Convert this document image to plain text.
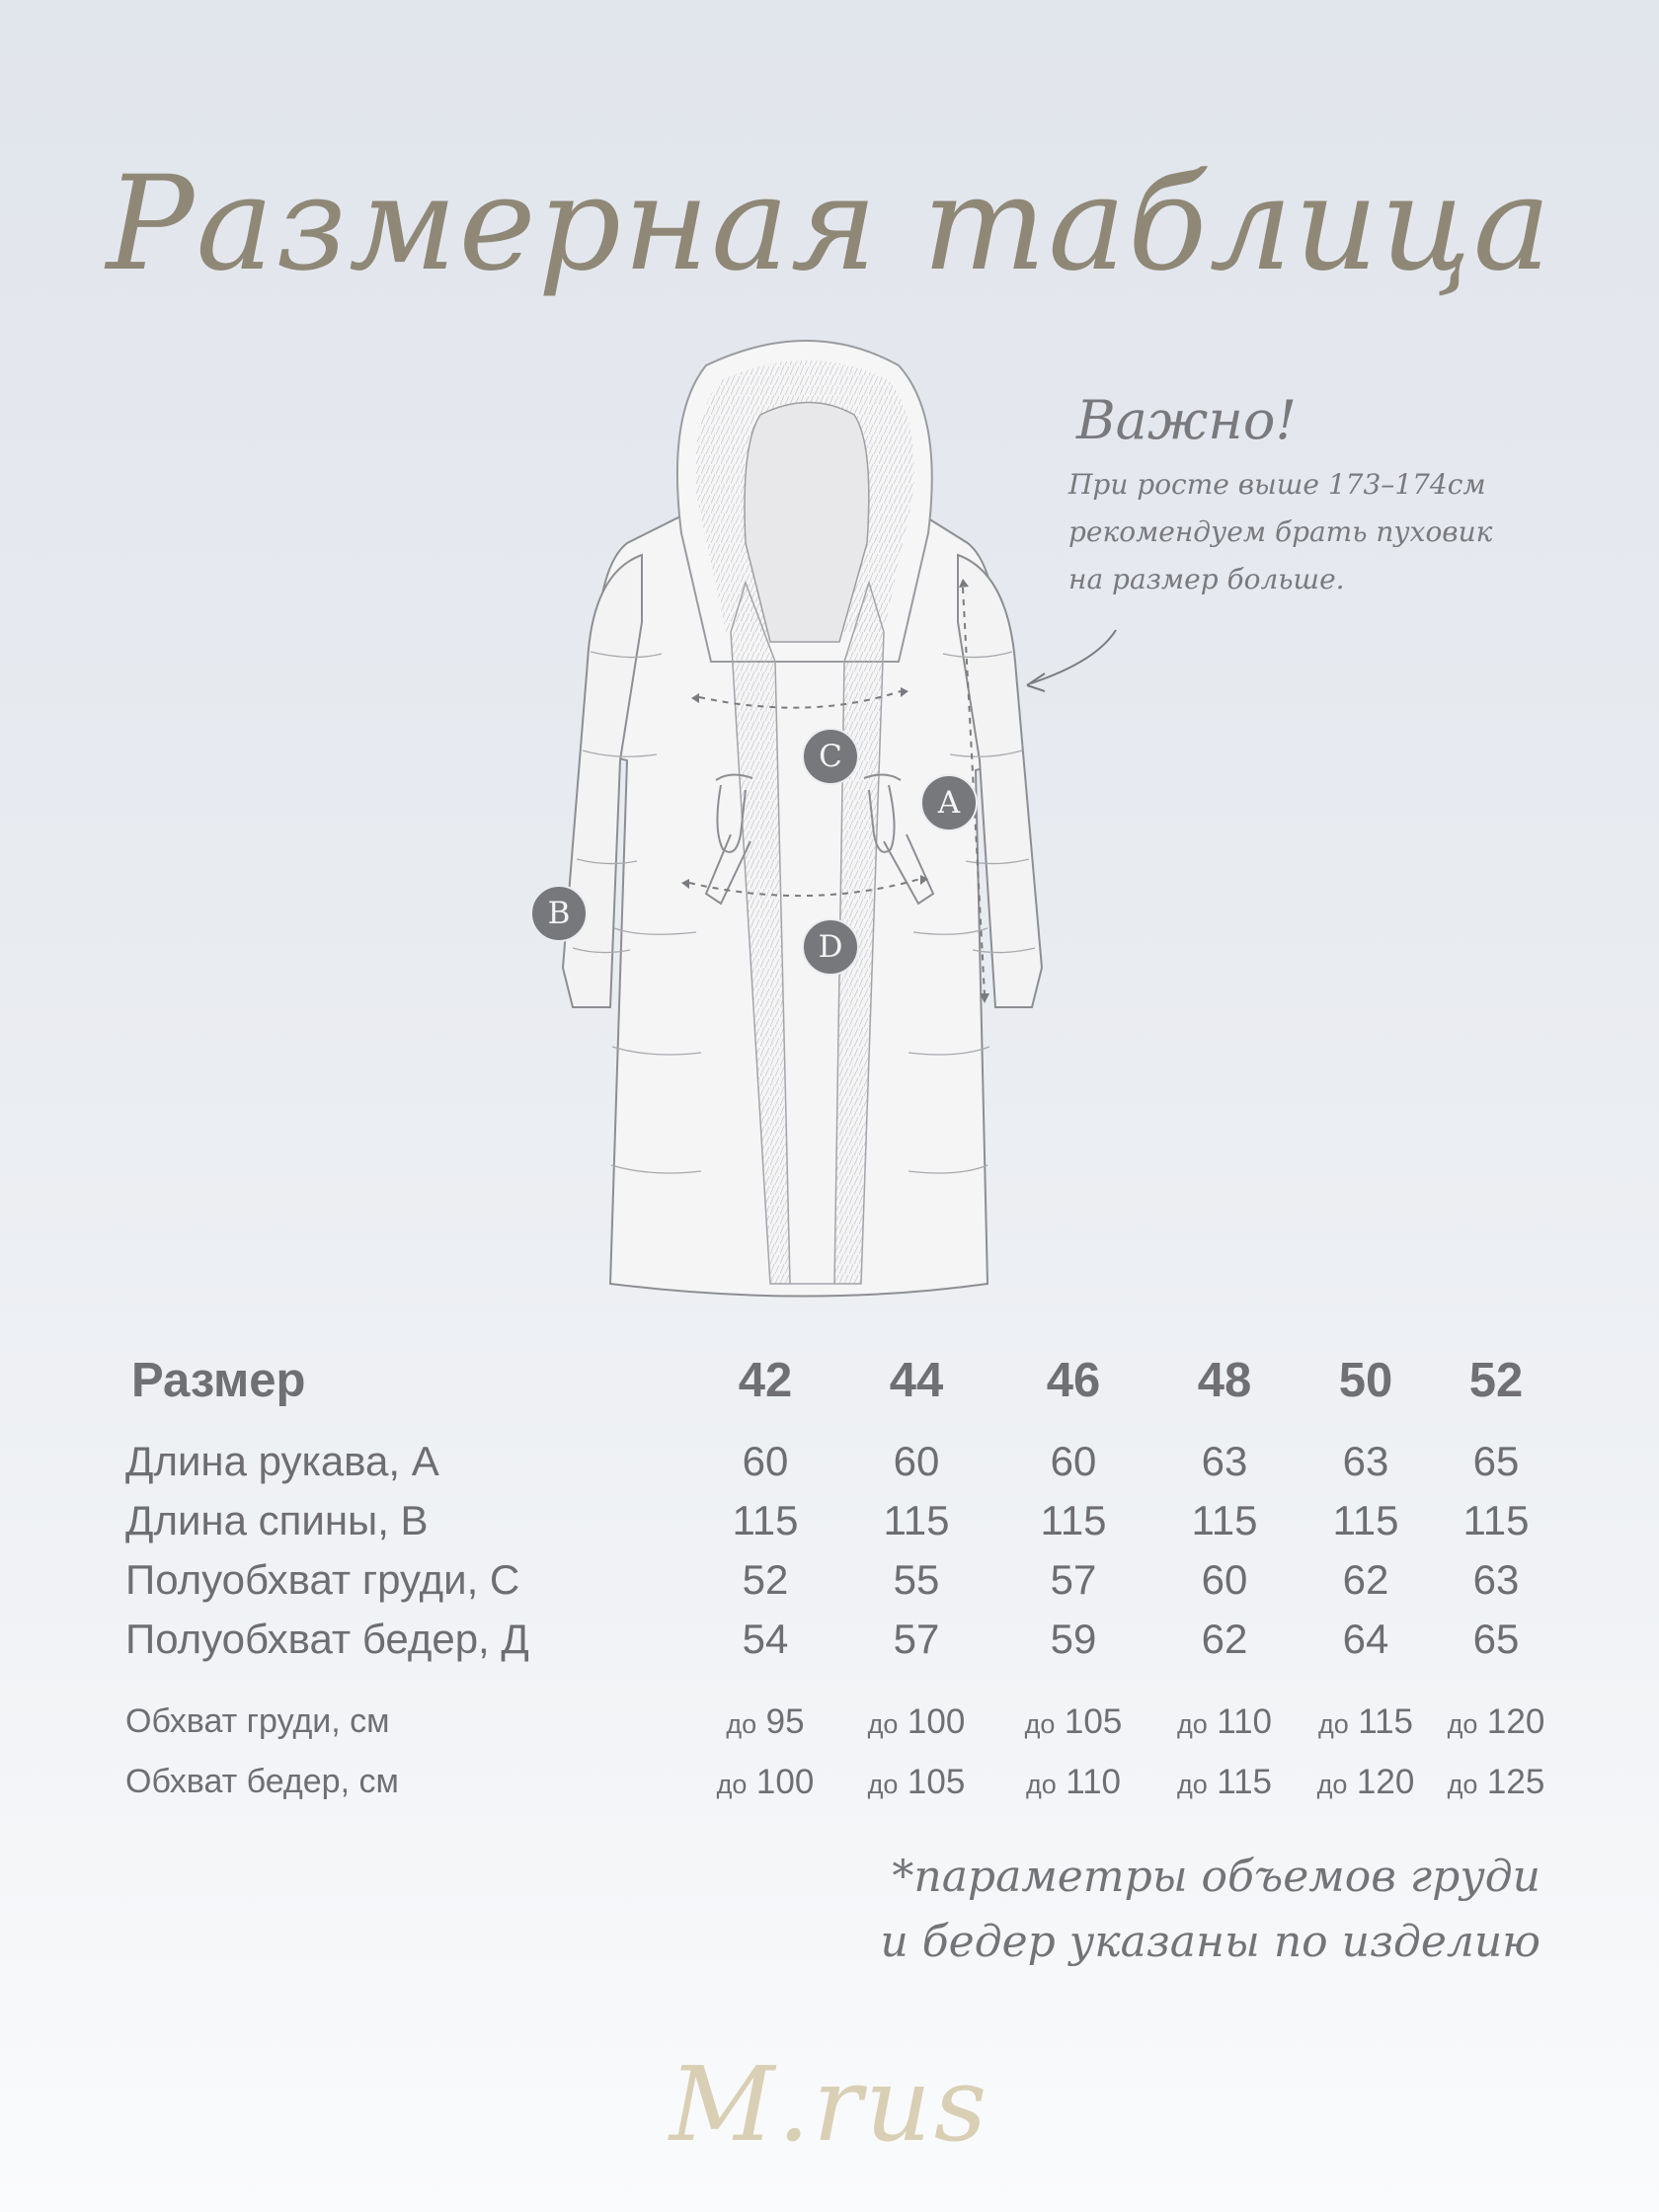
Размерная таблица
C
A
B
D
Важно!
При росте выше 173–174см
рекомендуем брать пуховик
на размер больше.
Размер	42	44	46	48	50	52
Длина рукава, А	60	60	60	63	63	65
Длина спины, В	115	115	115	115	115	115
Полуобхват груди, С	52	55	57	60	62	63
Полуобхват бедер, Д	54	57	59	62	64	65
Обхват груди, см	до 95	до 100	до 105	до 110	до 115	до 120
Обхват бедер, см	до 100	до 105	до 110	до 115	до 120	до 125
*параметры объемов груди
и бедер указаны по изделию
M.rus
